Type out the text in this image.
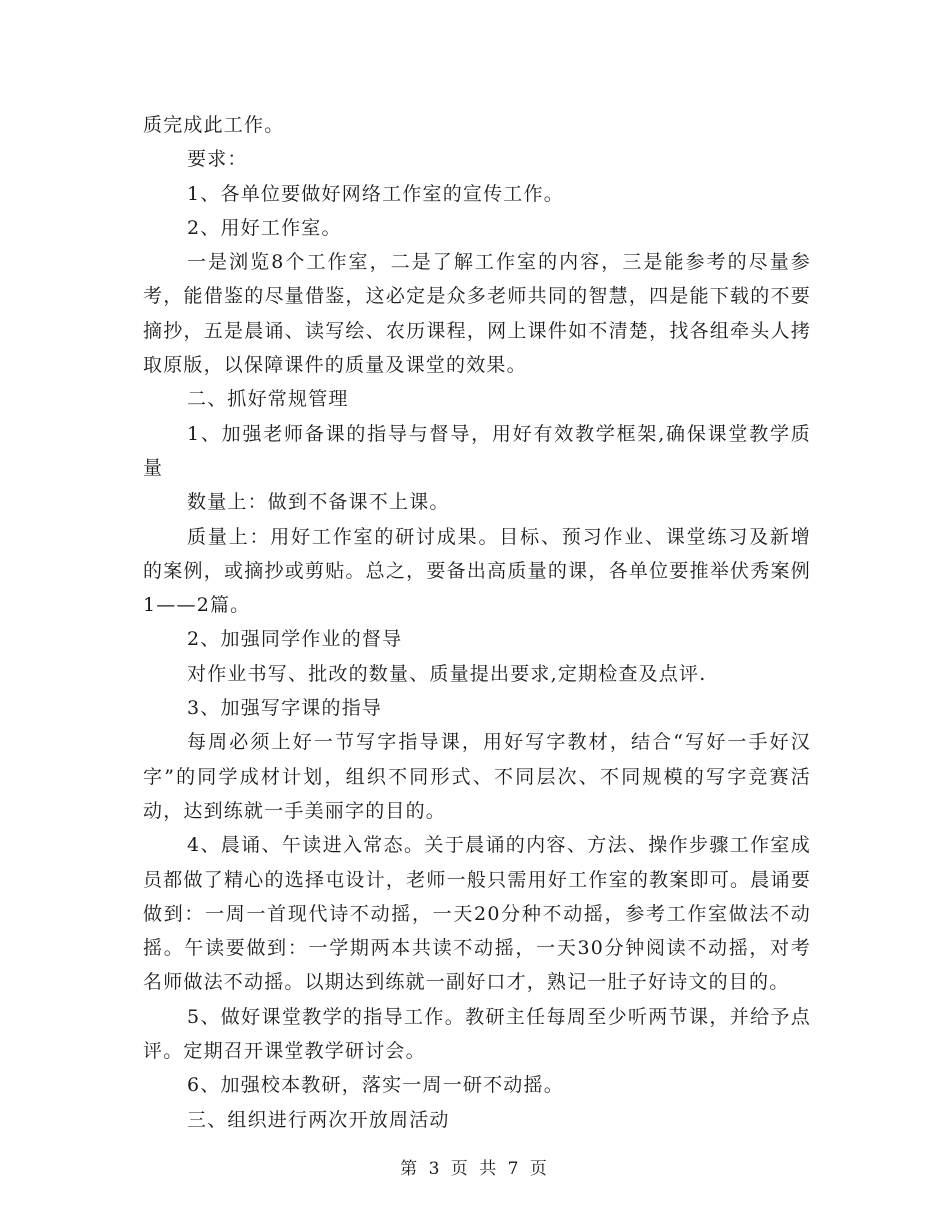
质完成此工作。

要求：

1、各单位要做好网络工作室的宣传工作。

2、用好工作室。

一是浏览8个工作室，二是了解工作室的内容，三是能参考的尽量参考，能借鉴的尽量借鉴，这必定是众多老师共同的智慧，四是能下载的不要摘抄，五是晨诵、读写绘、农历课程，网上课件如不清楚，找各组牵头人拷取原版，以保障课件的质量及课堂的效果。

二、抓好常规管理

1、加强老师备课的指导与督导，用好有效教学框架,确保课堂教学质量

数量上：做到不备课不上课。

质量上：用好工作室的研讨成果。目标、预习作业、课堂练习及新增的案例，或摘抄或剪贴。总之，要备出高质量的课，各单位要推举伏秀案例1——2篇。

2、加强同学作业的督导

对作业书写、批改的数量、质量提出要求,定期检查及点评.

3、加强写字课的指导

每周必须上好一节写字指导课，用好写字教材，结合“写好一手好汉字”的同学成材计划，组织不同形式、不同层次、不同规模的写字竞赛活动，达到练就一手美丽字的目的。

4、晨诵、午读进入常态。关于晨诵的内容、方法、操作步骤工作室成员都做了精心的选择屯设计，老师一般只需用好工作室的教案即可。晨诵要做到：一周一首现代诗不动摇，一天20分种不动摇，参考工作室做法不动摇。午读要做到：一学期两本共读不动摇，一天30分钟阅读不动摇，对考名师做法不动摇。以期达到练就一副好口才，熟记一肚子好诗文的目的。

5、做好课堂教学的指导工作。教研主任每周至少听两节课，并给予点评。定期召开课堂教学研讨会。

6、加强校本教研，落实一周一研不动摇。

三、组织进行两次开放周活动

第 3 页 共 7 页
